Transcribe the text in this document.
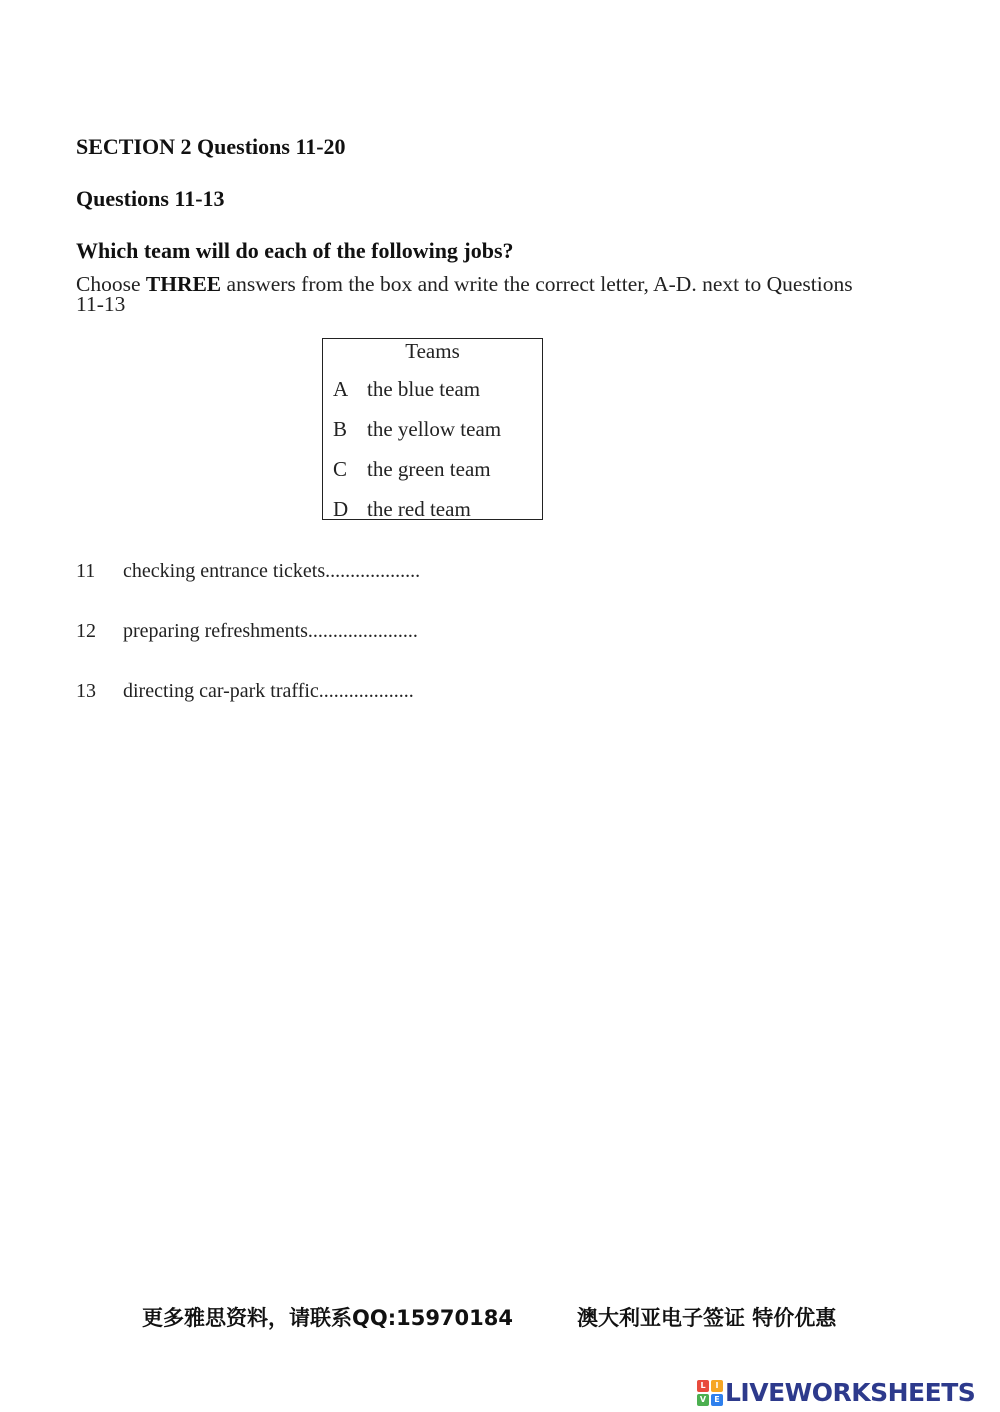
SECTION 2 Questions 11-20
Questions 11-13
Which team will do each of the following jobs?
Choose THREE answers from the box and write the correct letter, A-D. next to Questions 11-13
Teams
A the blue team
B the yellow team
C the green team
D the red team
11 checking entrance tickets...................
12 preparing refreshments......................
13 directing car-park traffic...................
更多雅思资料，请联系QQ:15970184	澳大利亚电子签证 特价优惠
L	I
V	E LIVEWORKSHEETS
